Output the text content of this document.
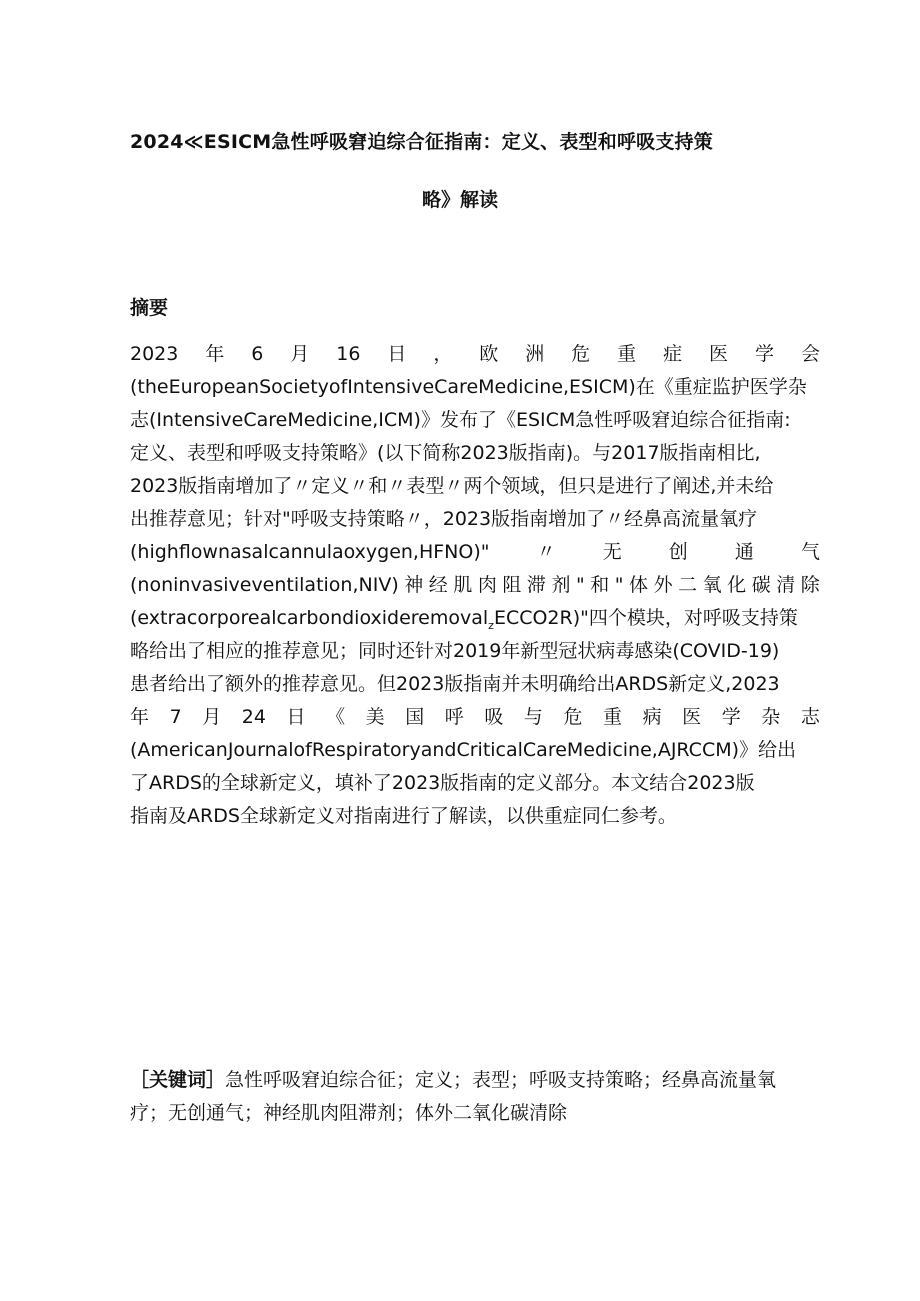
2024≪ESICM急性呼吸窘迫综合征指南：定义、表型和呼吸支持策
略》解读
摘要
2023 年 6 月 16 日 ， 欧 洲 危 重 症 医 学 会
(theEuropeanSocietyofIntensiveCareMedicine,ESICM)在《重症监护医学杂
志(IntensiveCareMedicine,ICM)》发布了《ESICM急性呼吸窘迫综合征指南:
定义、表型和呼吸支持策略》(以下简称2023版指南)。与2017版指南相比,
2023版指南增加了〃定义〃和〃表型〃两个领域，但只是进行了阐述,并未给
出推荐意见；针对"呼吸支持策略〃，2023版指南增加了〃经鼻高流量氧疗
(highflownasalcannulaoxygen,HFNO)" 〃 无 创 通 气
(noninvasiveventilation,NIV) 神 经 肌 肉 阻 滞 剂 " 和 " 体 外 二 氧 化 碳 清 除
(extracorporealcarbondioxideremoval$_z$ECCO2R)"四个模块，对呼吸支持策
略给出了相应的推荐意见；同时还针对2019年新型冠状病毒感染(COVID-19)
患者给出了额外的推荐意见。但2023版指南并未明确给出ARDS新定义,2023
年 7 月 24 日 《 美 国 呼 吸 与 危 重 病 医 学 杂 志
(AmericanJournalofRespiratoryandCriticalCareMedicine,AJRCCM)》给出
了ARDS的全球新定义，填补了2023版指南的定义部分。本文结合2023版
指南及ARDS全球新定义对指南进行了解读，以供重症同仁参考。
［关键词］急性呼吸窘迫综合征；定义；表型；呼吸支持策略；经鼻高流量氧
疗；无创通气；神经肌肉阻滞剂；体外二氧化碳清除
